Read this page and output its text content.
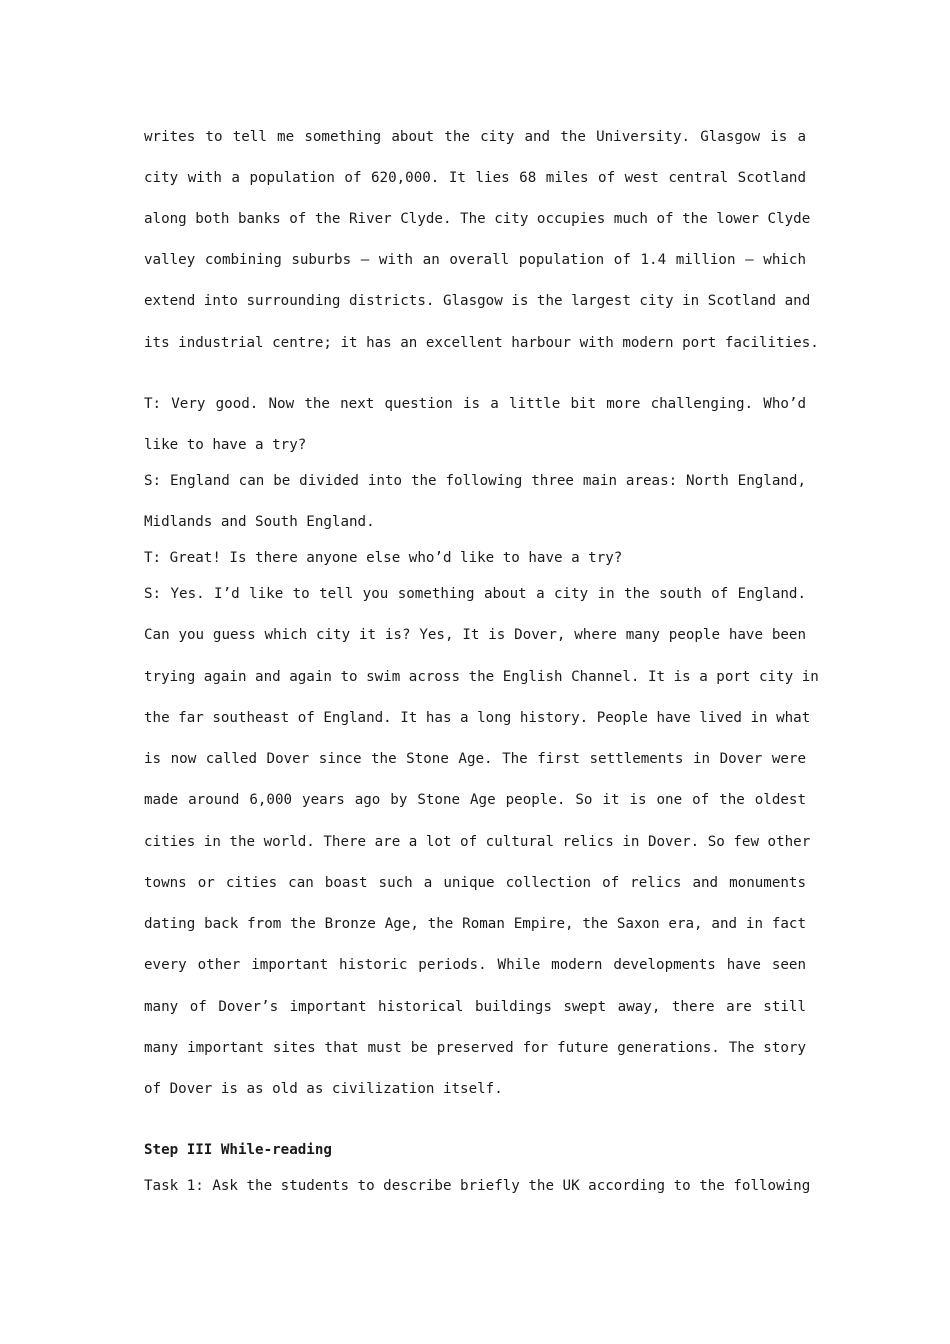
writes to tell me something about the city and the University. Glasgow is a
city with a population of 620,000. It lies 68 miles of west central Scotland
along both banks of the River Clyde. The city occupies much of the lower Clyde
valley combining suburbs — with an overall population of 1.4 million — which
extend into surrounding districts. Glasgow is the largest city in Scotland and
its industrial centre; it has an excellent harbour with modern port facilities.
T: Very good. Now the next question is a little bit more challenging. Who’d
like to have a try?
S: England can be divided into the following three main areas: North England,
Midlands and South England.
T: Great! Is there anyone else who’d like to have a try?
S: Yes. I’d like to tell you something about a city in the south of England.
Can you guess which city it is? Yes, It is Dover, where many people have been
trying again and again to swim across the English Channel. It is a port city in
the far southeast of England. It has a long history. People have lived in what
is now called Dover since the Stone Age. The first settlements in Dover were
made around 6,000 years ago by Stone Age people. So it is one of the oldest
cities in the world. There are a lot of cultural relics in Dover. So few other
towns or cities can boast such a unique collection of relics and monuments
dating back from the Bronze Age, the Roman Empire, the Saxon era, and in fact
every other important historic periods. While modern developments have seen
many of Dover’s important historical buildings swept away, there are still
many important sites that must be preserved for future generations. The story
of Dover is as old as civilization itself.
Step III While-reading
Task 1: Ask the students to describe briefly the UK according to the following
